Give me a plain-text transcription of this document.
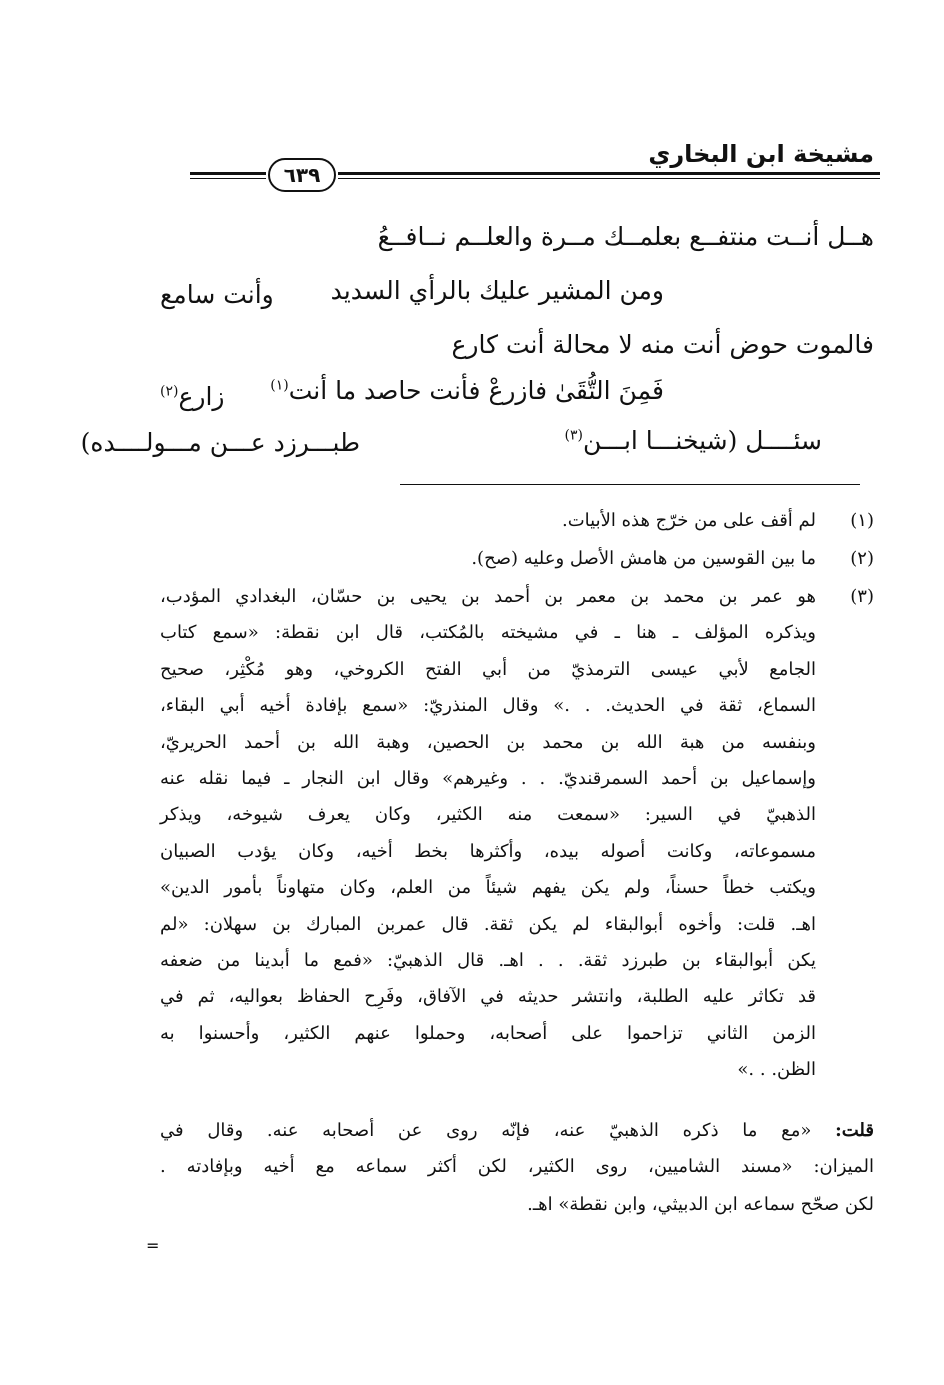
مشيخة ابن البخاري
٦٣٩
هــل أنــت منتفــع بعلمــك مــرة والعلــم نــافــعُ
ومن المشير عليك بالرأي السديد
وأنت سامع
فالموت حوض أنت منه لا محالة أنت كارع
فَمِنَ التُّقَىٰ فازرعْ فأنت حاصد ما أنت$^{(١)}$
زارع$^{(٢)}$
سئــــل (شيخنـــا ابـــن$^{(٣)}$
طبـــرزد عـــن مـــولــــده)
(١)
لم أقف على من خرّج هذه الأبيات.
(٢)
ما بين القوسين من هامش الأصل وعليه (صح).
(٣)
هو عمر بن محمد بن معمر بن أحمد بن يحيى بن حسّان، البغدادي المؤدب،
ويذكره المؤلف ـ هنا ـ في مشيخته بالمُكتب، قال ابن نقطة: «سمع كتاب
الجامع لأبي عيسى الترمذيّ من أبي الفتح الكروخي، وهو مُكْثِر، صحيح
السماع، ثقة في الحديث. . .» وقال المنذريّ: «سمع بإفادة أخيه أبي البقاء،
وبنفسه من هبة الله بن محمد بن الحصين، وهبة الله بن أحمد الحريريّ،
وإسماعيل بن أحمد السمرقنديّ. . . وغيرهم» وقال ابن النجار ـ فيما نقله عنه
الذهبيّ في السير: «سمعت منه الكثير، وكان يعرف شيوخه، ويذكر
مسموعاته، وكانت أصوله بيده، وأكثرها بخط أخيه، وكان يؤدب الصبيان
ويكتب خطاً حسناً، ولم يكن يفهم شيئاً من العلم، وكان متهاوناً بأمور الدين»
اهـ. قلت: وأخوه أبوالبقاء لم يكن ثقة. قال عمربن المبارك بن سهلان: «لم
يكن أبوالبقاء بن طبرزد ثقة. . . اهـ. قال الذهبيّ: «فمع ما أبدينا من ضعفه
قد تكاثر عليه الطلبة، وانتشر حديثه في الآفاق، وفَرِح الحفاظ بعواليه، ثم في
الزمن الثاني تزاحموا على أصحابه، وحملوا عنهم الكثير، وأحسنوا به
الظن. . .»
قلت: «مع ما ذكره الذهبيّ عنه، فإنّه روى عن أصحابه عنه. وقال في
الميزان: «مسند الشاميين، روى الكثير، لكن أكثر سماعه مع أخيه وبإفادته .
لكن صحّح سماعه ابن الدبيثي، وابن نقطة» اهـ.
=
